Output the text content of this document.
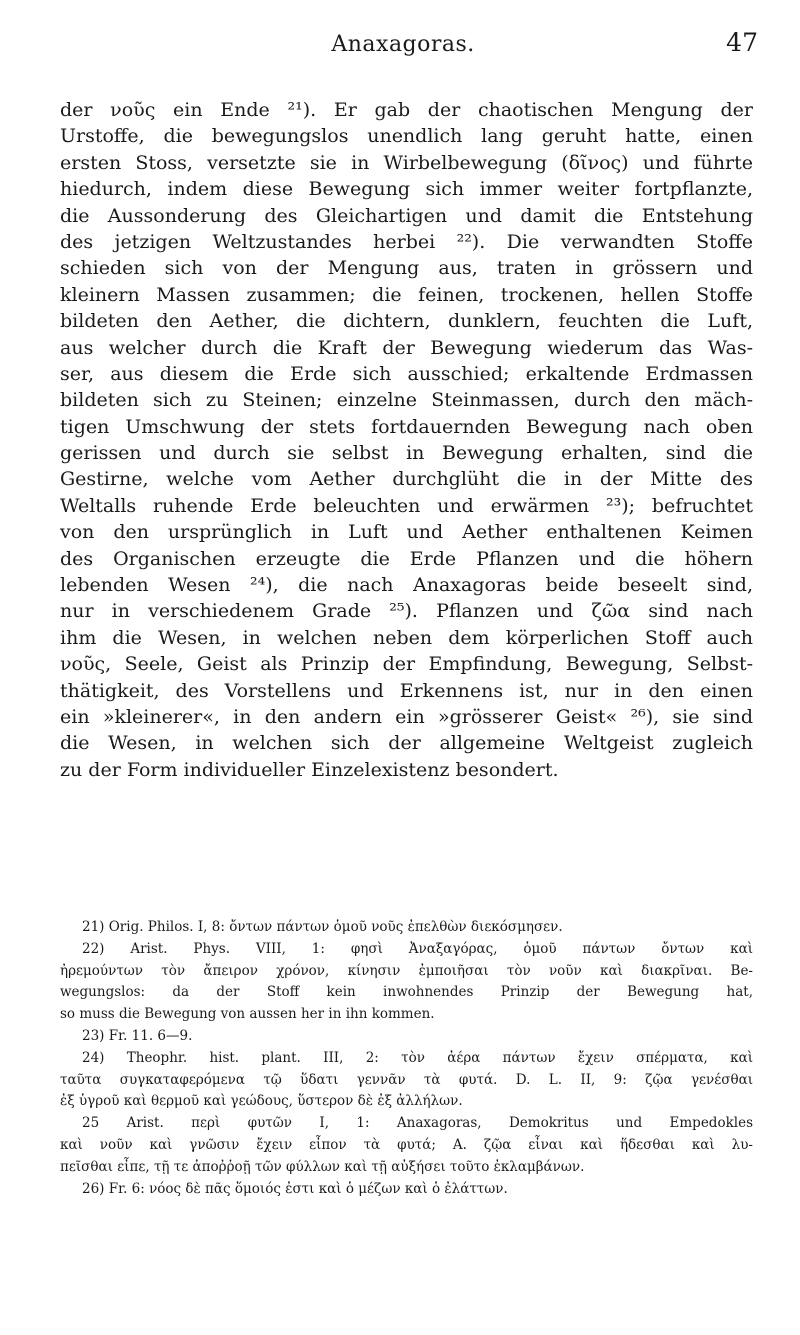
Anaxagoras.	47
der νοῦς ein Ende ²¹). Er gab der chaotischen Mengung der
Urstoffe, die bewegungslos unendlich lang geruht hatte, einen
ersten Stoss, versetzte sie in Wirbelbewegung (δῖνος) und führte
hiedurch, indem diese Bewegung sich immer weiter fortpflanzte,
die Aussonderung des Gleichartigen und damit die Entstehung
des jetzigen Weltzustandes herbei ²²). Die verwandten Stoffe
schieden sich von der Mengung aus, traten in grössern und
kleinern Massen zusammen; die feinen, trockenen, hellen Stoffe
bildeten den Aether, die dichtern, dunklern, feuchten die Luft,
aus welcher durch die Kraft der Bewegung wiederum das Was-
ser, aus diesem die Erde sich ausschied; erkaltende Erdmassen
bildeten sich zu Steinen; einzelne Steinmassen, durch den mäch-
tigen Umschwung der stets fortdauernden Bewegung nach oben
gerissen und durch sie selbst in Bewegung erhalten, sind die
Gestirne, welche vom Aether durchglüht die in der Mitte des
Weltalls ruhende Erde beleuchten und erwärmen ²³); befruchtet
von den ursprünglich in Luft und Aether enthaltenen Keimen
des Organischen erzeugte die Erde Pflanzen und die höhern
lebenden Wesen ²⁴), die nach Anaxagoras beide beseelt sind,
nur in verschiedenem Grade ²⁵). Pflanzen und ζῶα sind nach
ihm die Wesen, in welchen neben dem körperlichen Stoff auch
νοῦς, Seele, Geist als Prinzip der Empfindung, Bewegung, Selbst-
thätigkeit, des Vorstellens und Erkennens ist, nur in den einen
ein »kleinerer«, in den andern ein »grösserer Geist« ²⁶), sie sind
die Wesen, in welchen sich der allgemeine Weltgeist zugleich
zu der Form individueller Einzelexistenz besondert.
21) Orig. Philos. I, 8: ὄντων πάντων ὁμοῦ νοῦς ἐπελθὼν διεκόσμησεν.
22) Arist. Phys. VIII, 1: φησὶ Ἀναξαγόρας, ὁμοῦ πάντων ὄντων καὶ
ἠρεμούντων τὸν ἄπειρον χρόνον, κίνησιν ἐμποιῆσαι τὸν νοῦν καὶ διακρῖναι. Be-
wegungslos: da der Stoff kein inwohnendes Prinzip der Bewegung hat,
so muss die Bewegung von aussen her in ihn kommen.
23) Fr. 11. 6—9.
24) Theophr. hist. plant. III, 2: τὸν ἀέρα πάντων ἔχειν σπέρματα, καὶ
ταῦτα συγκαταφερόμενα τῷ ὕδατι γεννᾶν τὰ φυτά. D. L. II, 9: ζῷα γενέσθαι
ἐξ ὑγροῦ καὶ θερμοῦ καὶ γεώδους, ὕστερον δὲ ἐξ ἀλλήλων.
25 Arist. περὶ φυτῶν I, 1: Anaxagoras, Demokritus und Empedokles
καὶ νοῦν καὶ γνῶσιν ἔχειν εἶπον τὰ φυτά; A. ζῷα εἶναι καὶ ἥδεσθαι καὶ λυ-
πεῖσθαι εἶπε, τῇ τε ἀποῤῥοῇ τῶν φύλλων καὶ τῇ αὐξήσει τοῦτο ἐκλαμβάνων.
26) Fr. 6: νόος δὲ πᾶς ὅμοιός ἐστι καὶ ὁ μέζων καὶ ὁ ἐλάττων.
